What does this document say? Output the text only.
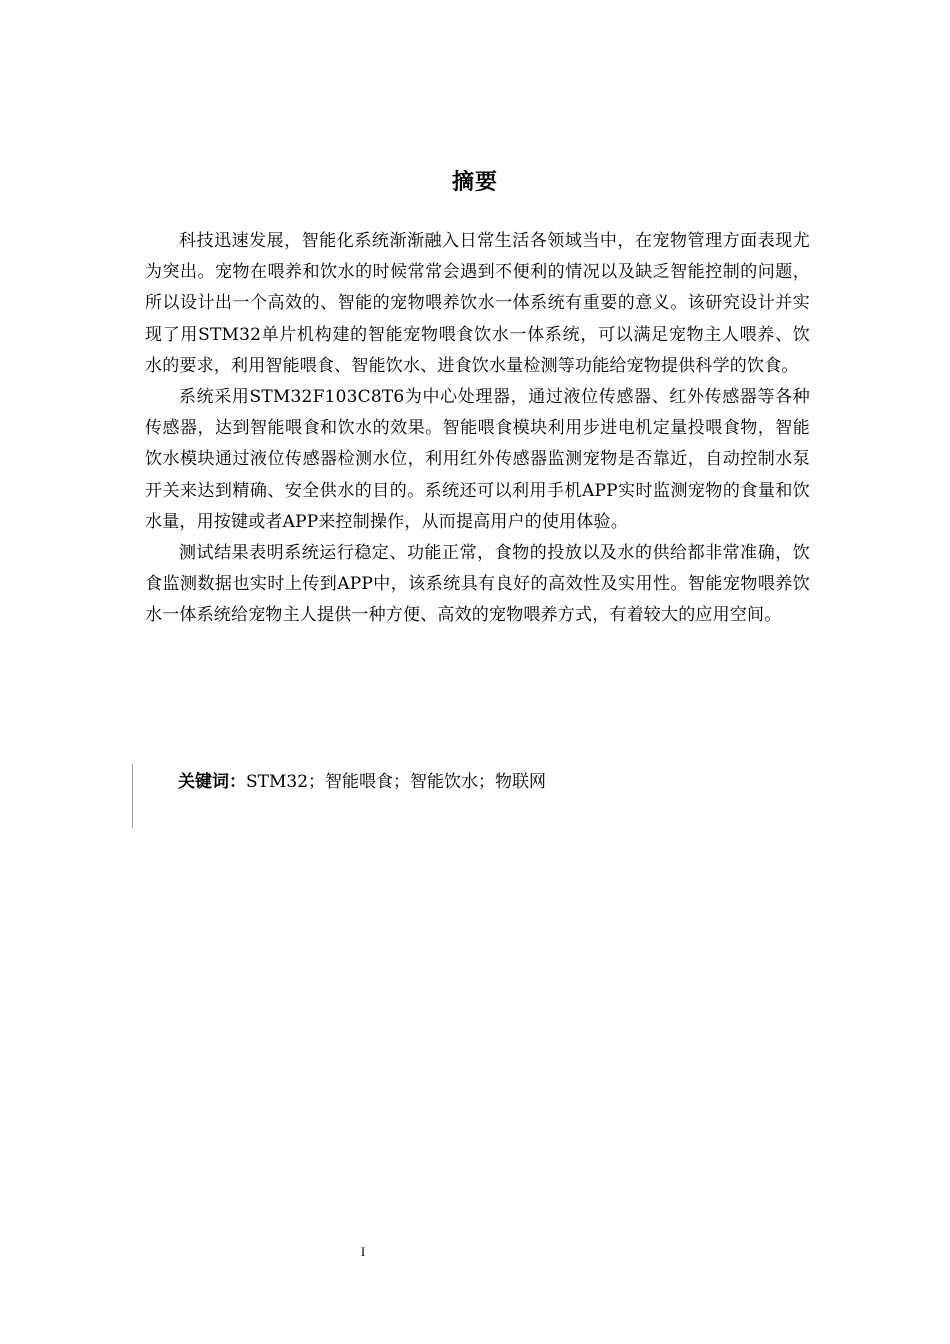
摘要

科技迅速发展，智能化系统渐渐融入日常生活各领域当中，在宠物管理方面表现尤为突出。宠物在喂养和饮水的时候常常会遇到不便利的情况以及缺乏智能控制的问题，所以设计出一个高效的、智能的宠物喂养饮水一体系统有重要的意义。该研究设计并实现了用STM32单片机构建的智能宠物喂食饮水一体系统，可以满足宠物主人喂养、饮水的要求，利用智能喂食、智能饮水、进食饮水量检测等功能给宠物提供科学的饮食。

系统采用STM32F103C8T6为中心处理器，通过液位传感器、红外传感器等各种传感器，达到智能喂食和饮水的效果。智能喂食模块利用步进电机定量投喂食物，智能饮水模块通过液位传感器检测水位，利用红外传感器监测宠物是否靠近，自动控制水泵开关来达到精确、安全供水的目的。系统还可以利用手机APP实时监测宠物的食量和饮水量，用按键或者APP来控制操作，从而提高用户的使用体验。

测试结果表明系统运行稳定、功能正常，食物的投放以及水的供给都非常准确，饮食监测数据也实时上传到APP中，该系统具有良好的高效性及实用性。智能宠物喂养饮水一体系统给宠物主人提供一种方便、高效的宠物喂养方式，有着较大的应用空间。

关键词：STM32；智能喂食；智能饮水；物联网
I
